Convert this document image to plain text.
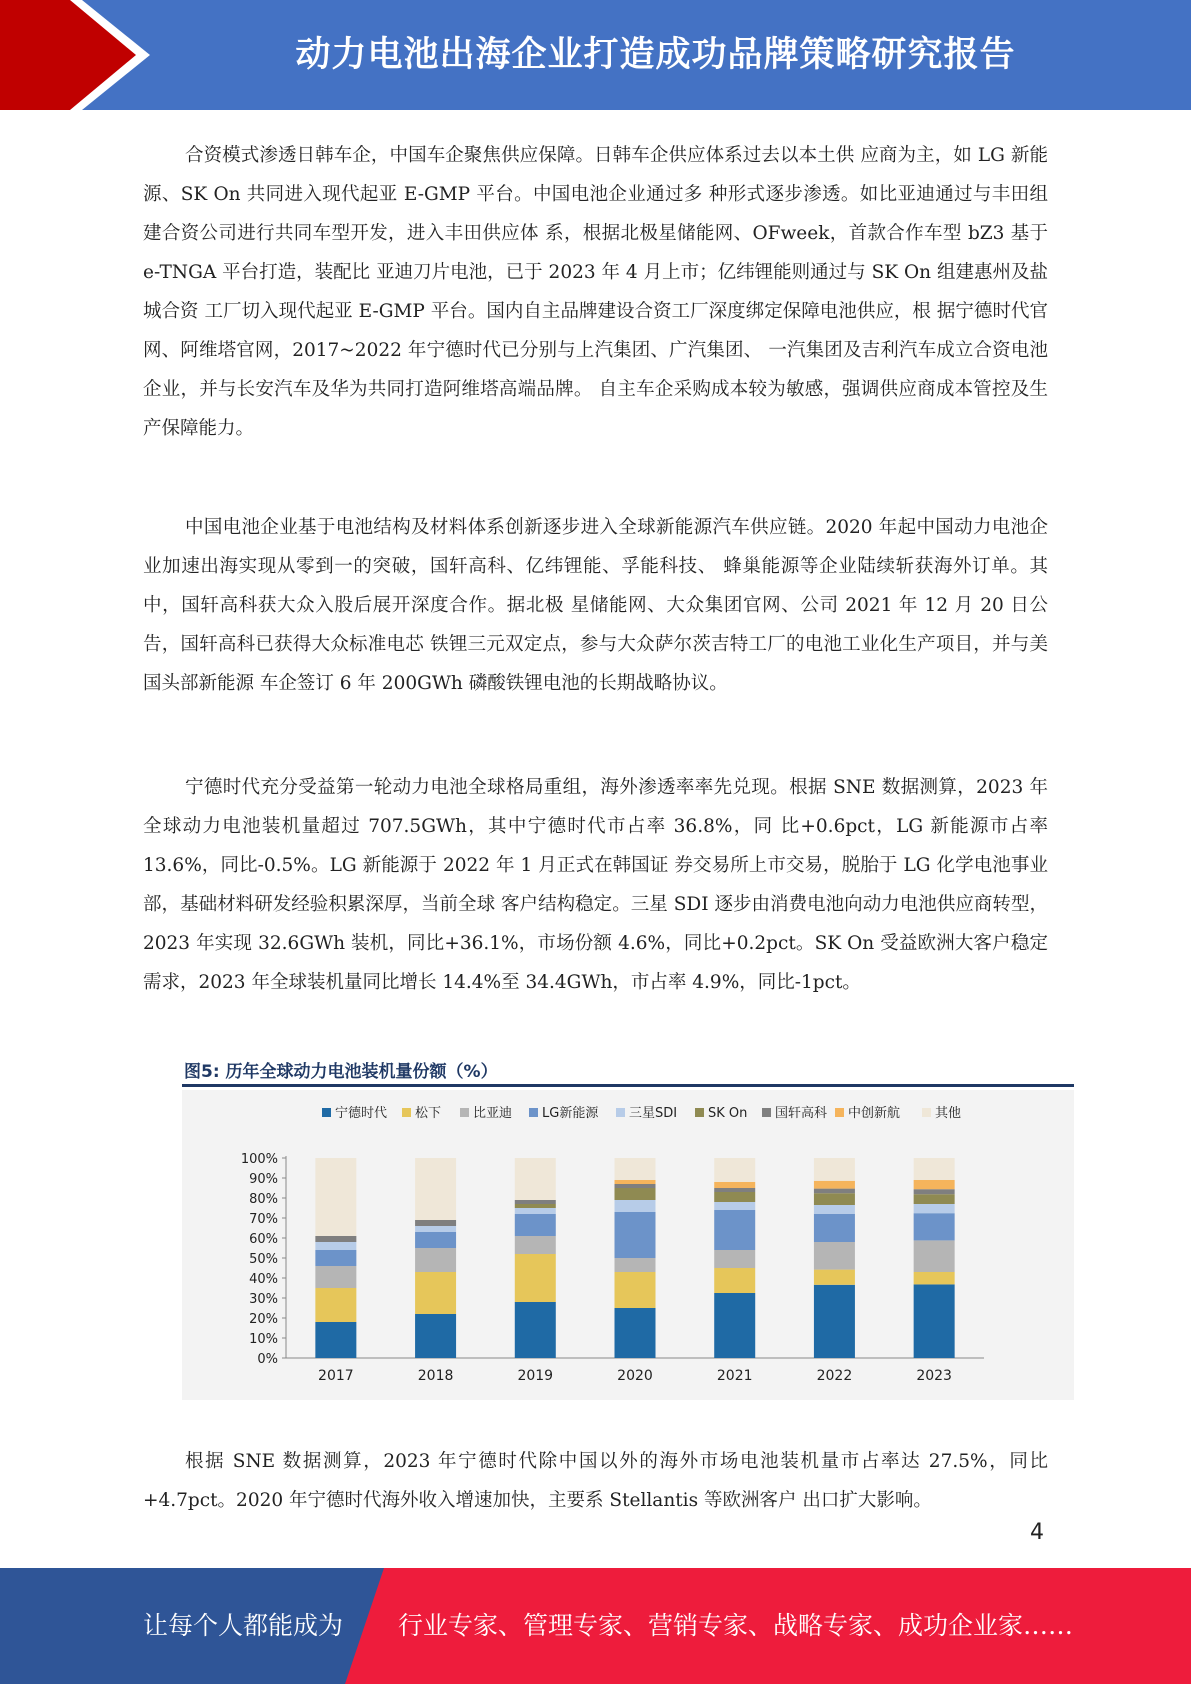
动力电池出海企业打造成功品牌策略研究报告

合资模式渗透日韩车企，中国车企聚焦供应保障。日韩车企供应体系过去以本土供 应商为主，如 LG 新能源、SK On 共同进入现代起亚 E-GMP 平台。中国电池企业通过多 种形式逐步渗透。如比亚迪通过与丰田组建合资公司进行共同车型开发，进入丰田供应体 系，根据北极星储能网、OFweek，首款合作车型 bZ3 基于 e-TNGA 平台打造，装配比 亚迪刀片电池，已于 2023 年 4 月上市；亿纬锂能则通过与 SK On 组建惠州及盐城合资 工厂切入现代起亚 E-GMP 平台。国内自主品牌建设合资工厂深度绑定保障电池供应，根 据宁德时代官网、阿维塔官网，2017~2022 年宁德时代已分别与上汽集团、广汽集团、 一汽集团及吉利汽车成立合资电池企业，并与长安汽车及华为共同打造阿维塔高端品牌。 自主车企采购成本较为敏感，强调供应商成本管控及生产保障能力。

中国电池企业基于电池结构及材料体系创新逐步进入全球新能源汽车供应链。2020 年起中国动力电池企业加速出海实现从零到一的突破，国轩高科、亿纬锂能、孚能科技、 蜂巢能源等企业陆续斩获海外订单。其中，国轩高科获大众入股后展开深度合作。据北极 星储能网、大众集团官网、公司 2021 年 12 月 20 日公告，国轩高科已获得大众标准电芯 铁锂三元双定点，参与大众萨尔茨吉特工厂的电池工业化生产项目，并与美国头部新能源 车企签订 6 年 200GWh 磷酸铁锂电池的长期战略协议。

宁德时代充分受益第一轮动力电池全球格局重组，海外渗透率率先兑现。根据 SNE 数据测算，2023 年全球动力电池装机量超过 707.5GWh，其中宁德时代市占率 36.8%，同 比+0.6pct，LG 新能源市占率 13.6%，同比-0.5%。LG 新能源于 2022 年 1 月正式在韩国证 券交易所上市交易，脱胎于 LG 化学电池事业部，基础材料研发经验积累深厚，当前全球 客户结构稳定。三星 SDI 逐步由消费电池向动力电池供应商转型，2023 年实现 32.6GWh 装机，同比+36.1%，市场份额 4.6%，同比+0.2pct。SK On 受益欧洲大客户稳定需求，2023 年全球装机量同比增长 14.4%至 34.4GWh，市占率 4.9%，同比-1pct。

图5: 历年全球动力电池装机量份额（%）
宁德时代 松下 比亚迪 LG新能源 三星SDI SK On 国轩高科 中创新航	其他
0%
10%
20%
30%
40%
50%
60%
70%
80%
90%
100%
2017	2018	2019	2020	2021	2022	2023

根据 SNE 数据测算，2023 年宁德时代除中国以外的海外市场电池装机量市占率达 27.5%，同比+4.7pct。2020 年宁德时代海外收入增速加快，主要系 Stellantis 等欧洲客户 出口扩大影响。

4
让每个人都能成为 行业专家、管理专家、营销专家、战略专家、成功企业家……
